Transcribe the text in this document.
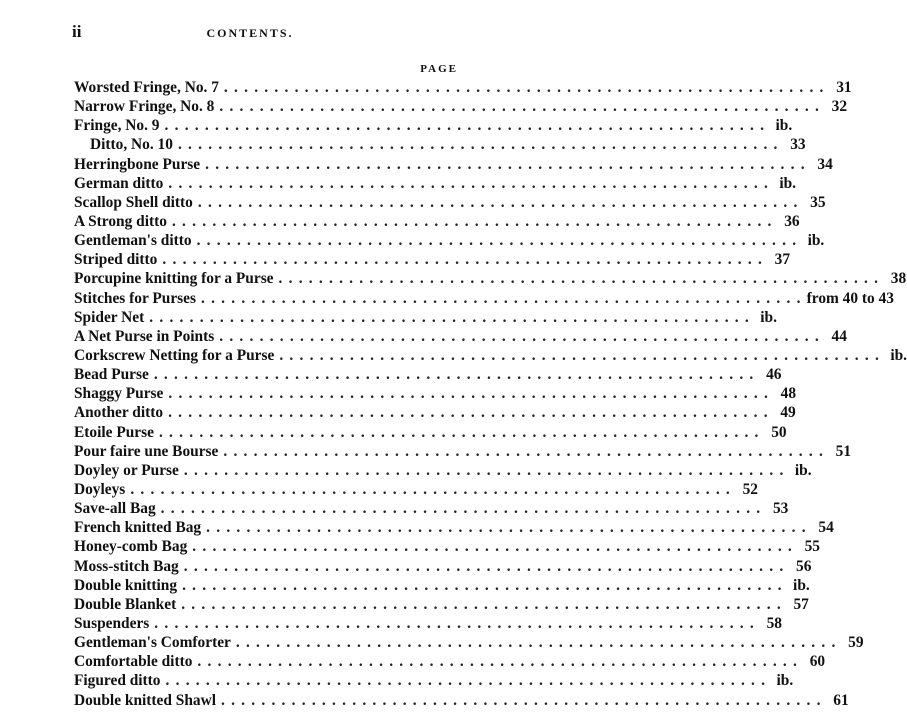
ii	CONTENTS.
PAGE
Worsted Fringe, No. 7 . . . . . . . . . . . . . . . . . . . . . . . . . . . . . . . . . . . . . . . . . . . . . . . . . . . . . . . . . . . . 31
Narrow Fringe, No. 8 . . . . . . . . . . . . . . . . . . . . . . . . . . . . . . . . . . . . . . . . . . . . . . . . . . . . . . . . . . . . 32
Fringe, No. 9 . . . . . . . . . . . . . . . . . . . . . . . . . . . . . . . . . . . . . . . . . . . . . . . . . . . . . . . . . . . . ib.
Ditto, No. 10 . . . . . . . . . . . . . . . . . . . . . . . . . . . . . . . . . . . . . . . . . . . . . . . . . . . . . . . . . . . . 33
Herringbone Purse . . . . . . . . . . . . . . . . . . . . . . . . . . . . . . . . . . . . . . . . . . . . . . . . . . . . . . . . . . . . 34
German ditto . . . . . . . . . . . . . . . . . . . . . . . . . . . . . . . . . . . . . . . . . . . . . . . . . . . . . . . . . . . . ib.
Scallop Shell ditto . . . . . . . . . . . . . . . . . . . . . . . . . . . . . . . . . . . . . . . . . . . . . . . . . . . . . . . . . . . . 35
A Strong ditto . . . . . . . . . . . . . . . . . . . . . . . . . . . . . . . . . . . . . . . . . . . . . . . . . . . . . . . . . . . . 36
Gentleman's ditto . . . . . . . . . . . . . . . . . . . . . . . . . . . . . . . . . . . . . . . . . . . . . . . . . . . . . . . . . . . . ib.
Striped ditto . . . . . . . . . . . . . . . . . . . . . . . . . . . . . . . . . . . . . . . . . . . . . . . . . . . . . . . . . . . . 37
Porcupine knitting for a Purse . . . . . . . . . . . . . . . . . . . . . . . . . . . . . . . . . . . . . . . . . . . . . . . . . . . . . . . . . . . . 38
Stitches for Purses . . . . . . . . . . . . . . . . . . . . . . . . . . . . . . . . . . . . . . . . . . . . . . . . . . . . . . . . . . . . from 40 to 43
Spider Net . . . . . . . . . . . . . . . . . . . . . . . . . . . . . . . . . . . . . . . . . . . . . . . . . . . . . . . . . . . . ib.
A Net Purse in Points . . . . . . . . . . . . . . . . . . . . . . . . . . . . . . . . . . . . . . . . . . . . . . . . . . . . . . . . . . . . 44
Corkscrew Netting for a Purse . . . . . . . . . . . . . . . . . . . . . . . . . . . . . . . . . . . . . . . . . . . . . . . . . . . . . . . . . . . . ib.
Bead Purse . . . . . . . . . . . . . . . . . . . . . . . . . . . . . . . . . . . . . . . . . . . . . . . . . . . . . . . . . . . . 46
Shaggy Purse . . . . . . . . . . . . . . . . . . . . . . . . . . . . . . . . . . . . . . . . . . . . . . . . . . . . . . . . . . . . 48
Another ditto . . . . . . . . . . . . . . . . . . . . . . . . . . . . . . . . . . . . . . . . . . . . . . . . . . . . . . . . . . . . 49
Etoile Purse . . . . . . . . . . . . . . . . . . . . . . . . . . . . . . . . . . . . . . . . . . . . . . . . . . . . . . . . . . . . 50
Pour faire une Bourse . . . . . . . . . . . . . . . . . . . . . . . . . . . . . . . . . . . . . . . . . . . . . . . . . . . . . . . . . . . . 51
Doyley or Purse . . . . . . . . . . . . . . . . . . . . . . . . . . . . . . . . . . . . . . . . . . . . . . . . . . . . . . . . . . . . ib.
Doyleys . . . . . . . . . . . . . . . . . . . . . . . . . . . . . . . . . . . . . . . . . . . . . . . . . . . . . . . . . . . . 52
Save-all Bag . . . . . . . . . . . . . . . . . . . . . . . . . . . . . . . . . . . . . . . . . . . . . . . . . . . . . . . . . . . . 53
French knitted Bag . . . . . . . . . . . . . . . . . . . . . . . . . . . . . . . . . . . . . . . . . . . . . . . . . . . . . . . . . . . . 54
Honey-comb Bag . . . . . . . . . . . . . . . . . . . . . . . . . . . . . . . . . . . . . . . . . . . . . . . . . . . . . . . . . . . . 55
Moss-stitch Bag . . . . . . . . . . . . . . . . . . . . . . . . . . . . . . . . . . . . . . . . . . . . . . . . . . . . . . . . . . . . 56
Double knitting . . . . . . . . . . . . . . . . . . . . . . . . . . . . . . . . . . . . . . . . . . . . . . . . . . . . . . . . . . . . ib.
Double Blanket . . . . . . . . . . . . . . . . . . . . . . . . . . . . . . . . . . . . . . . . . . . . . . . . . . . . . . . . . . . . 57
Suspenders . . . . . . . . . . . . . . . . . . . . . . . . . . . . . . . . . . . . . . . . . . . . . . . . . . . . . . . . . . . . 58
Gentleman's Comforter . . . . . . . . . . . . . . . . . . . . . . . . . . . . . . . . . . . . . . . . . . . . . . . . . . . . . . . . . . . . 59
Comfortable ditto . . . . . . . . . . . . . . . . . . . . . . . . . . . . . . . . . . . . . . . . . . . . . . . . . . . . . . . . . . . . 60
Figured ditto . . . . . . . . . . . . . . . . . . . . . . . . . . . . . . . . . . . . . . . . . . . . . . . . . . . . . . . . . . . . ib.
Double knitted Shawl . . . . . . . . . . . . . . . . . . . . . . . . . . . . . . . . . . . . . . . . . . . . . . . . . . . . . . . . . . . . 61
